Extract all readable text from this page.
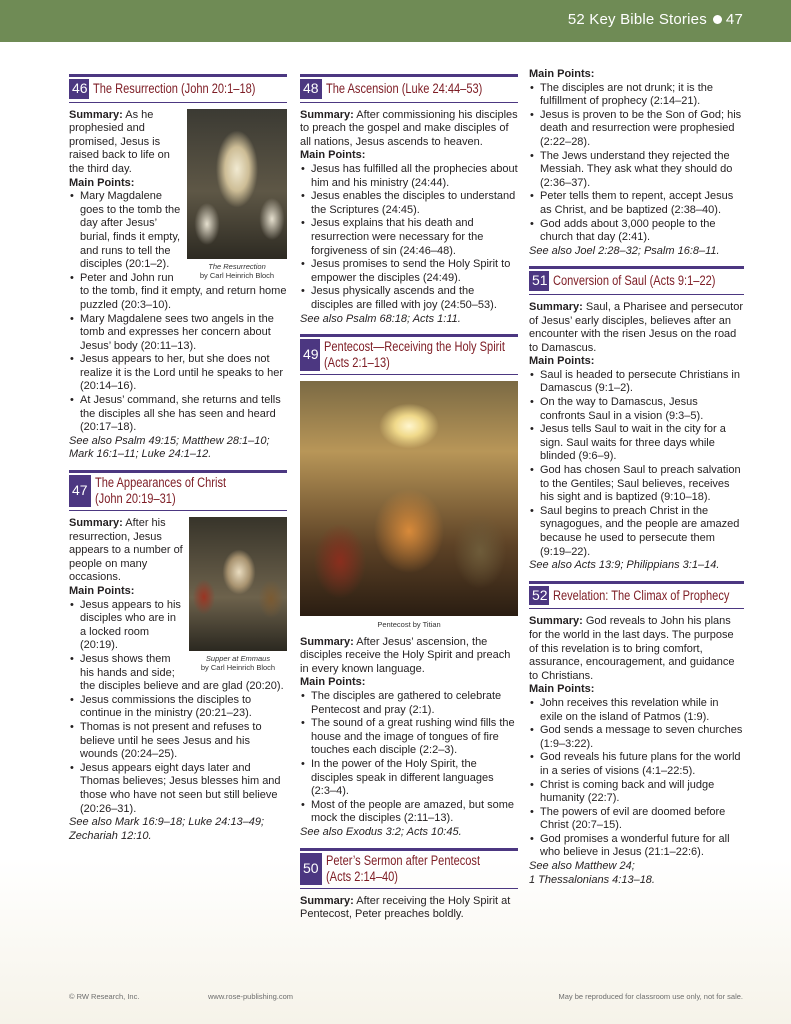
52 Key Bible Stories 47
46 The Resurrection (John 20:1–18)
The Resurrection
by Carl Heinrich Bloch
Summary: As he prophesied and promised, Jesus is raised back to life on the third day.
Main Points:
• Mary Magdalene goes to the tomb the day after Jesus’ burial, finds it empty, and runs to tell the disciples (20:1–2).
• Peter and John run to the tomb, find it empty, and return home puzzled (20:3–10).
• Mary Magdalene sees two angels in the tomb and expresses her concern about Jesus’ body (20:11–13).
• Jesus appears to her, but she does not realize it is the Lord until he speaks to her (20:14–16).
• At Jesus’ command, she returns and tells the disciples all she has seen and heard (20:17–18).
See also Psalm 49:15; Matthew 28:1–10; Mark 16:1–11; Luke 24:1–12.
47 The Appearances of Christ
(John 20:19–31)
Supper at Emmaus
by Carl Heinrich Bloch
Summary: After his resurrection, Jesus appears to a number of people on many occasions.
Main Points:
• Jesus appears to his disciples who are in a locked room (20:19).
• Jesus shows them his hands and side; the disciples believe and are glad (20:20).
• Jesus commissions the disciples to continue in the ministry (20:21–23).
• Thomas is not present and refuses to believe until he sees Jesus and his wounds (20:24–25).
• Jesus appears eight days later and Thomas believes; Jesus blesses him and those who have not seen but still believe (20:26–31).
See also Mark 16:9–18; Luke 24:13–49; Zechariah 12:10.
48 The Ascension (Luke 24:44–53)
Summary: After commissioning his disciples to preach the gospel and make disciples of all nations, Jesus ascends to heaven.
Main Points:
• Jesus has fulfilled all the prophecies about him and his ministry (24:44).
• Jesus enables the disciples to understand the Scriptures (24:45).
• Jesus explains that his death and resurrection were necessary for the forgiveness of sin (24:46–48).
• Jesus promises to send the Holy Spirit to empower the disciples (24:49).
• Jesus physically ascends and the disciples are filled with joy (24:50–53).
See also Psalm 68:18; Acts 1:11.
49 Pentecost—Receiving the Holy Spirit
(Acts 2:1–13)
Pentecost by Titian
Summary: After Jesus’ ascension, the disciples receive the Holy Spirit and preach in every known language.
Main Points:
• The disciples are gathered to celebrate Pentecost and pray (2:1).
• The sound of a great rushing wind fills the house and the image of tongues of fire touches each disciple (2:2–3).
• In the power of the Holy Spirit, the disciples speak in different languages (2:3–4).
• Most of the people are amazed, but some mock the disciples (2:11–13).
See also Exodus 3:2; Acts 10:45.
50 Peter’s Sermon after Pentecost
(Acts 2:14–40)
Summary: After receiving the Holy Spirit at Pentecost, Peter preaches boldly.
Main Points:
• The disciples are not drunk; it is the fulfillment of prophecy (2:14–21).
• Jesus is proven to be the Son of God; his death and resurrection were prophesied (2:22–28).
• The Jews understand they rejected the Messiah. They ask what they should do (2:36–37).
• Peter tells them to repent, accept Jesus as Christ, and be baptized (2:38–40).
• God adds about 3,000 people to the church that day (2:41).
See also Joel 2:28–32; Psalm 16:8–11.
51 Conversion of Saul (Acts 9:1–22)
Summary: Saul, a Pharisee and persecutor of Jesus’ early disciples, believes after an encounter with the risen Jesus on the road to Damascus.
Main Points:
• Saul is headed to persecute Christians in Damascus (9:1–2).
• On the way to Damascus, Jesus confronts Saul in a vision (9:3–5).
• Jesus tells Saul to wait in the city for a sign. Saul waits for three days while blinded (9:6–9).
• God has chosen Saul to preach salvation to the Gentiles; Saul believes, receives his sight and is baptized (9:10–18).
• Saul begins to preach Christ in the synagogues, and the people are amazed because he used to persecute them (9:19–22).
See also Acts 13:9; Philippians 3:1–14.
52 Revelation: The Climax of Prophecy
Summary: God reveals to John his plans for the world in the last days. The purpose of this revelation is to bring comfort, assurance, encouragement, and guidance to Christians.
Main Points:
• John receives this revelation while in exile on the island of Patmos (1:9).
• God sends a message to seven churches (1:9–3:22).
• God reveals his future plans for the world in a series of visions (4:1–22:5).
• Christ is coming back and will judge humanity (22:7).
• The powers of evil are doomed before Christ (20:7–15).
• God promises a wonderful future for all who believe in Jesus (21:1–22:6).
See also Matthew 24;
1 Thessalonians 4:13–18.
© RW Research, Inc.	www.rose-publishing.com	May be reproduced for classroom use only, not for sale.
